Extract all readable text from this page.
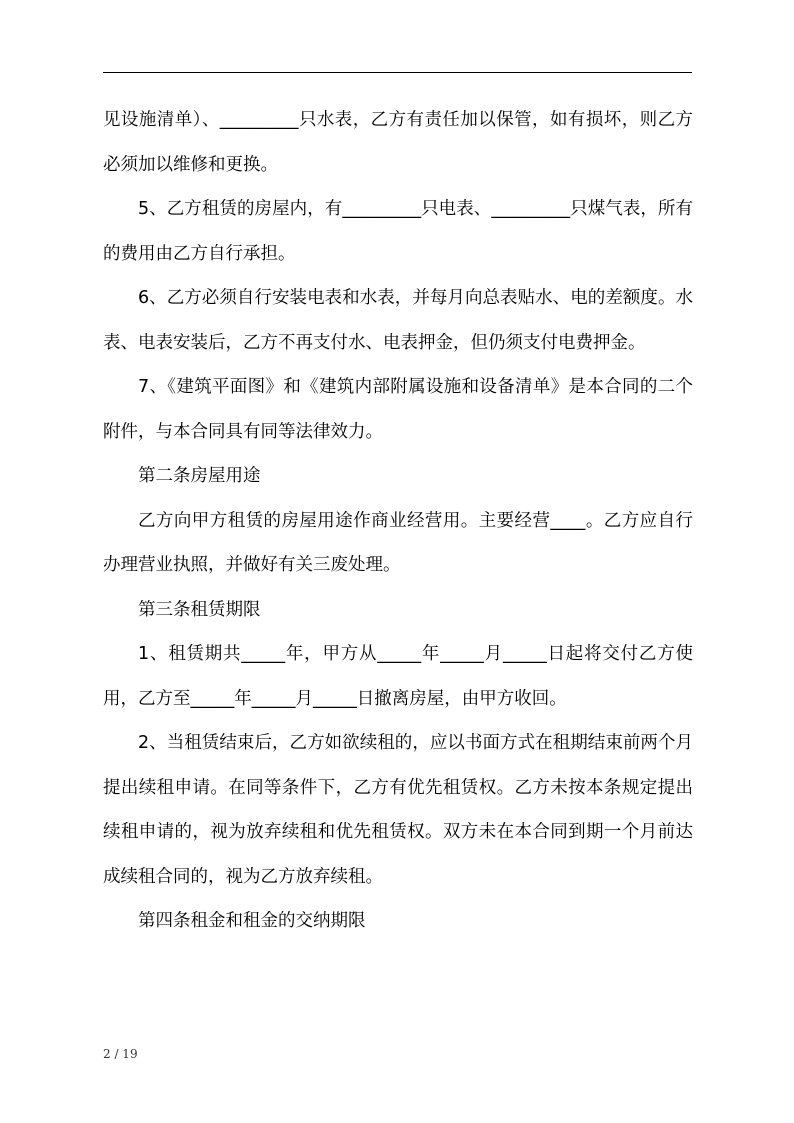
见设施清单）、_________只水表，乙方有责任加以保管，如有损坏，则乙方必须加以维修和更换。

5、乙方租赁的房屋内，有_________只电表、_________只煤气表，所有的费用由乙方自行承担。

6、乙方必须自行安装电表和水表，并每月向总表贴水、电的差额度。水表、电表安装后，乙方不再支付水、电表押金，但仍须支付电费押金。

7、《建筑平面图》和《建筑内部附属设施和设备清单》是本合同的二个附件，与本合同具有同等法律效力。

第二条房屋用途

乙方向甲方租赁的房屋用途作商业经营用。主要经营____。乙方应自行办理营业执照，并做好有关三废处理。

第三条租赁期限

1、租赁期共_____年，甲方从_____年_____月_____日起将交付乙方使用，乙方至_____年_____月_____日撤离房屋，由甲方收回。

2、当租赁结束后，乙方如欲续租的，应以书面方式在租期结束前两个月提出续租申请。在同等条件下，乙方有优先租赁权。乙方未按本条规定提出续租申请的，视为放弃续租和优先租赁权。双方未在本合同到期一个月前达成续租合同的，视为乙方放弃续租。

第四条租金和租金的交纳期限

2 / 19
